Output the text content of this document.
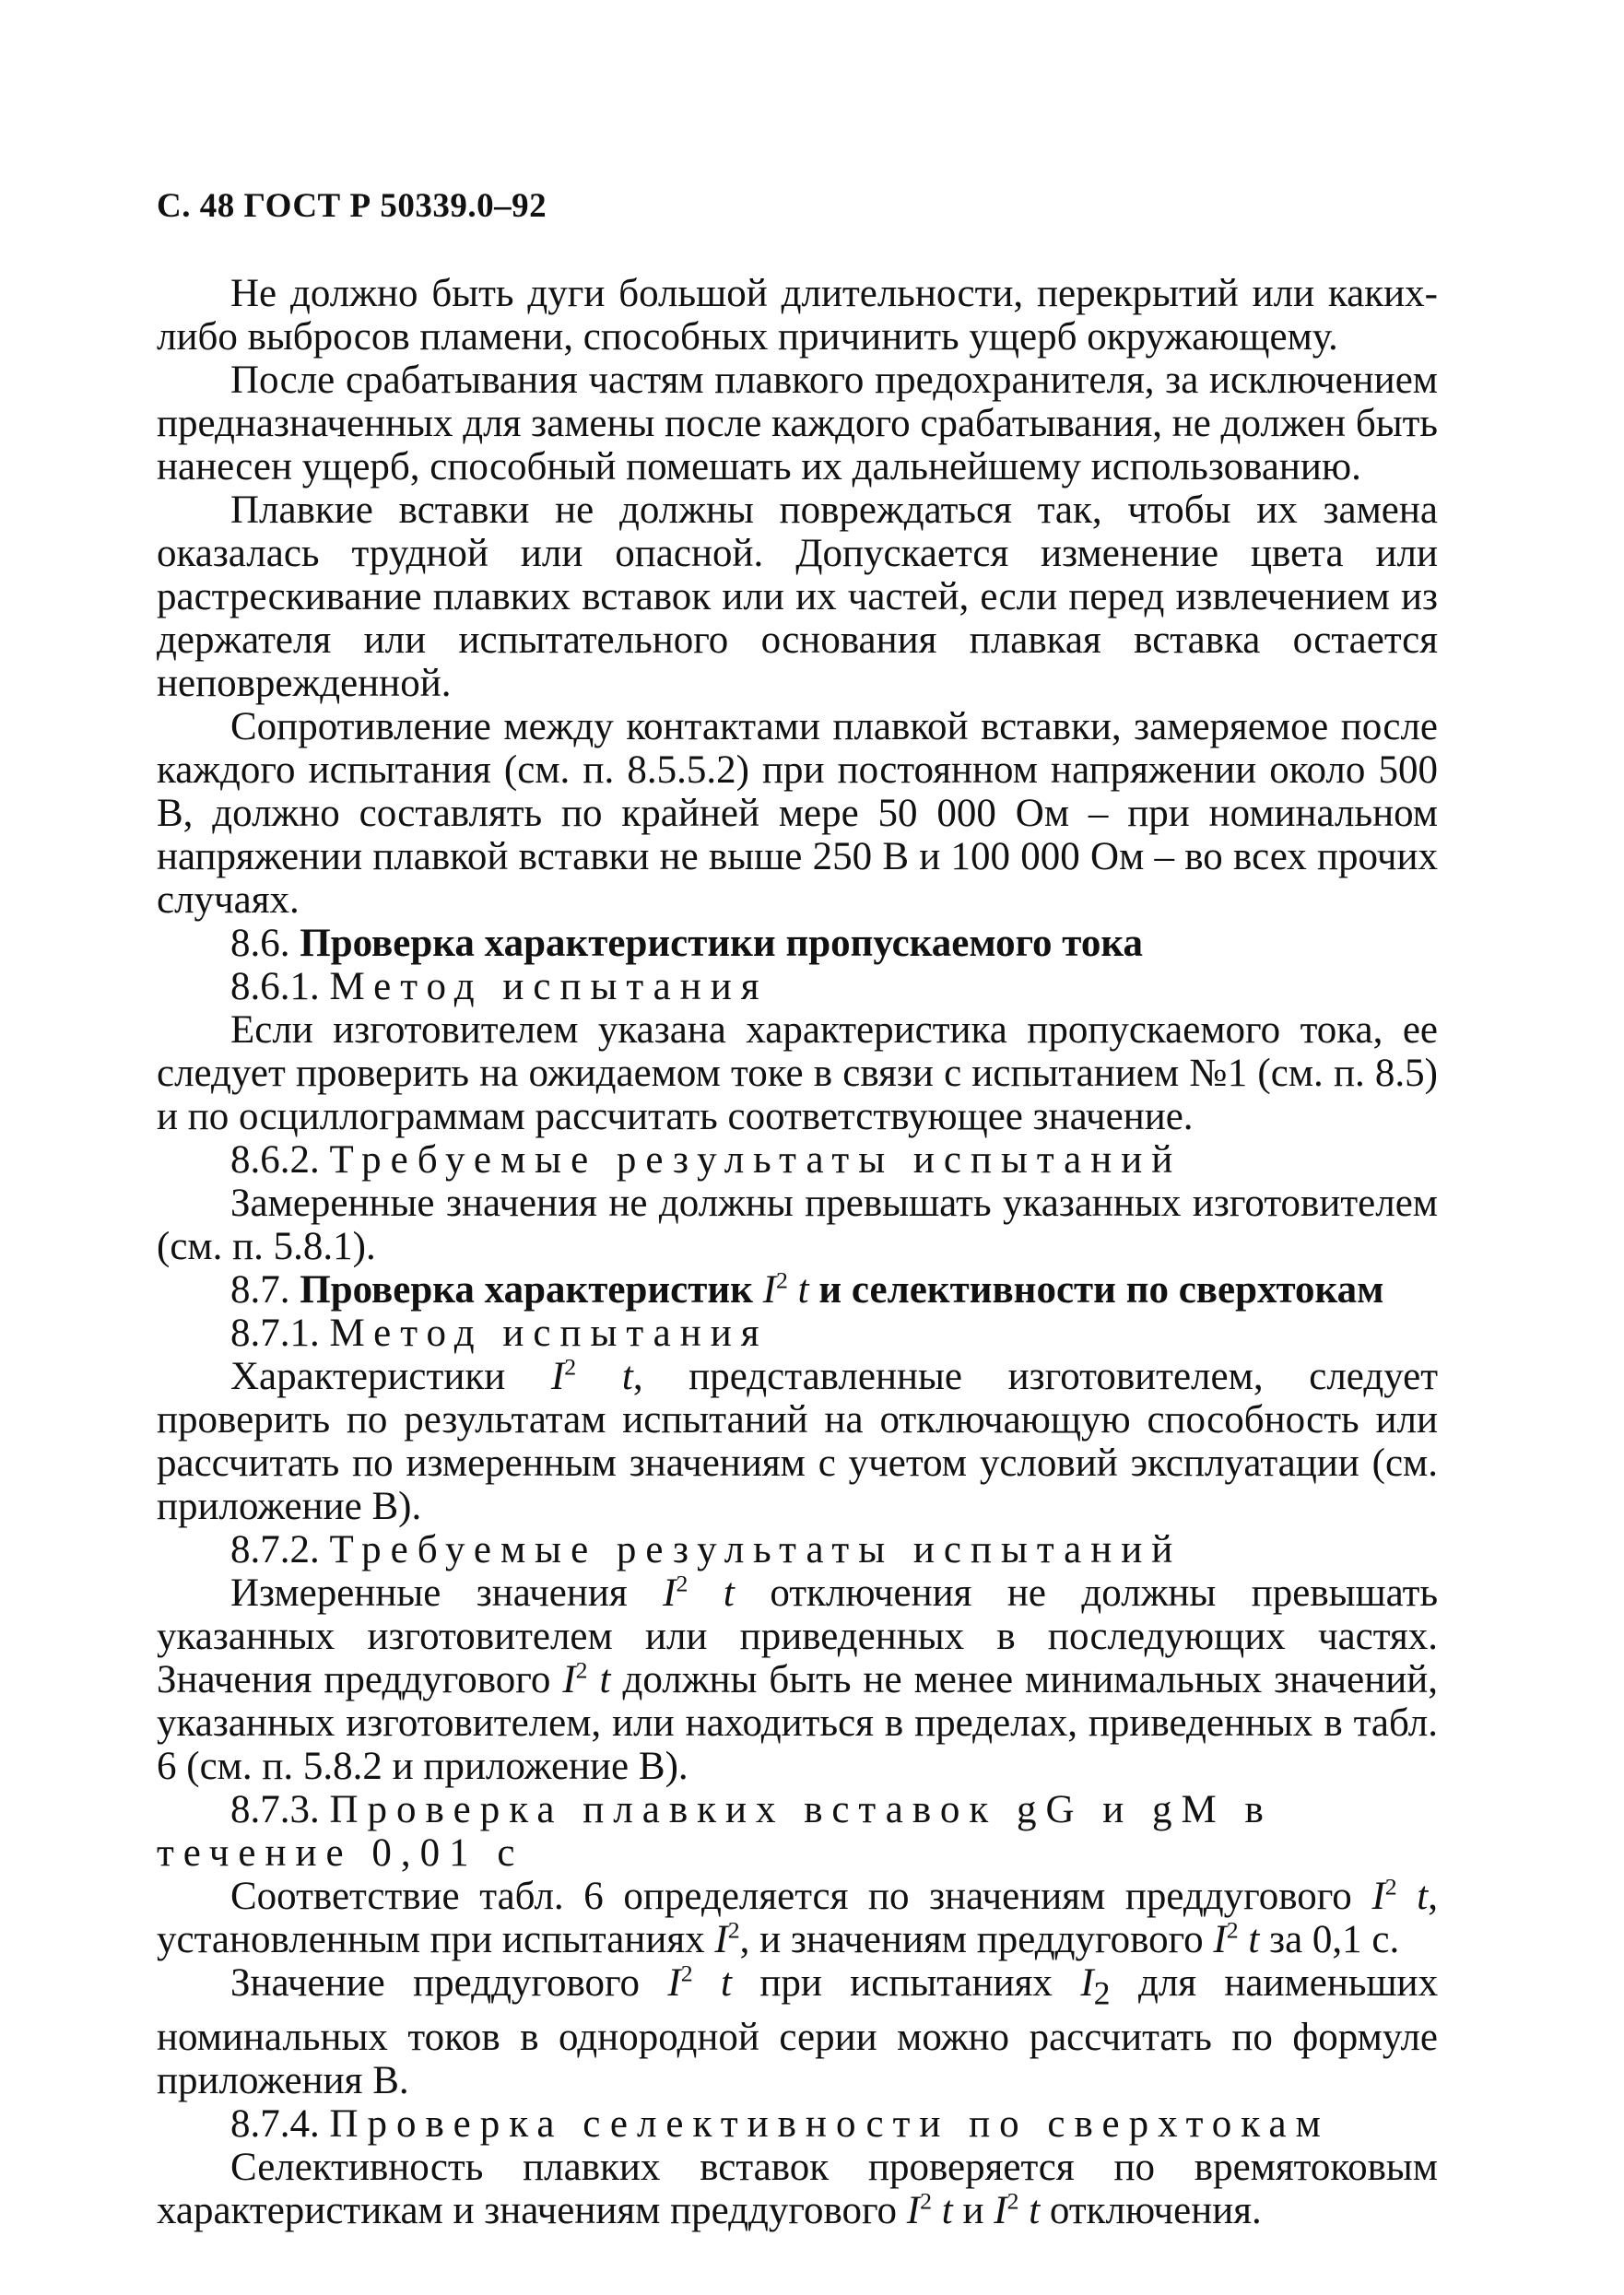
С. 48 ГОСТ Р 50339.0–92

Не должно быть дуги большой длительности, перекрытий или каких-либо выбросов пламени, способных причинить ущерб окружающему.

После срабатывания частям плавкого предохранителя, за исключением предназначенных для замены после каждого срабатывания, не должен быть нанесен ущерб, способный помешать их дальнейшему использованию.

Плавкие вставки не должны повреждаться так, чтобы их замена оказалась трудной или опасной. Допускается изменение цвета или растрескивание плавких вставок или их частей, если перед извлечением из держателя или испытательного основания плавкая вставка остается неповрежденной.

Сопротивление между контактами плавкой вставки, замеряемое после каждого испытания (см. п. 8.5.5.2) при постоянном напряжении около 500 В, должно составлять по крайней мере 50 000 Ом – при номинальном напряжении плавкой вставки не выше 250 В и 100 000 Ом – во всех прочих случаях.

8.6. Проверка характеристики пропускаемого тока

8.6.1. Метод испытания

Если изготовителем указана характеристика пропускаемого тока, ее следует проверить на ожидаемом токе в связи с испытанием №1 (см. п. 8.5) и по осциллограммам рассчитать соответствующее значение.

8.6.2. Требуемые результаты испытаний

Замеренные значения не должны превышать указанных изготовителем (см. п. 5.8.1).

8.7. Проверка характеристик $I^2$ t и селективности по сверхтокам

8.7.1. Метод испытания

Характеристики $I^2$ t, представленные изготовителем, следует проверить по результатам испытаний на отключающую способность или рассчитать по измеренным значениям с учетом условий эксплуатации (см. приложение В).

8.7.2. Требуемые результаты испытаний

Измеренные значения $I^2$ t отключения не должны превышать указанных изготовителем или приведенных в последующих частях. Значения преддугового $I^2$ t должны быть не менее минимальных значений, указанных изготовителем, или находиться в пределах, приведенных в табл. 6 (см. п. 5.8.2 и приложение В).

8.7.3. Проверка плавких вставок gG и gM в течение 0,01 с

Соответствие табл. 6 определяется по значениям преддугового $I^2$ t, установленным при испытаниях $I^2$, и значениям преддугового $I^2$ t за 0,1 с.

Значение преддугового $I^2$ t при испытаниях $I_2$ для наименьших номинальных токов в однородной серии можно рассчитать по формуле приложения В.

8.7.4. Проверка селективности по сверхтокам

Селективность плавких вставок проверяется по времятоковым характеристикам и значениям преддугового $I^2$ t и $I^2$ t отключения.
